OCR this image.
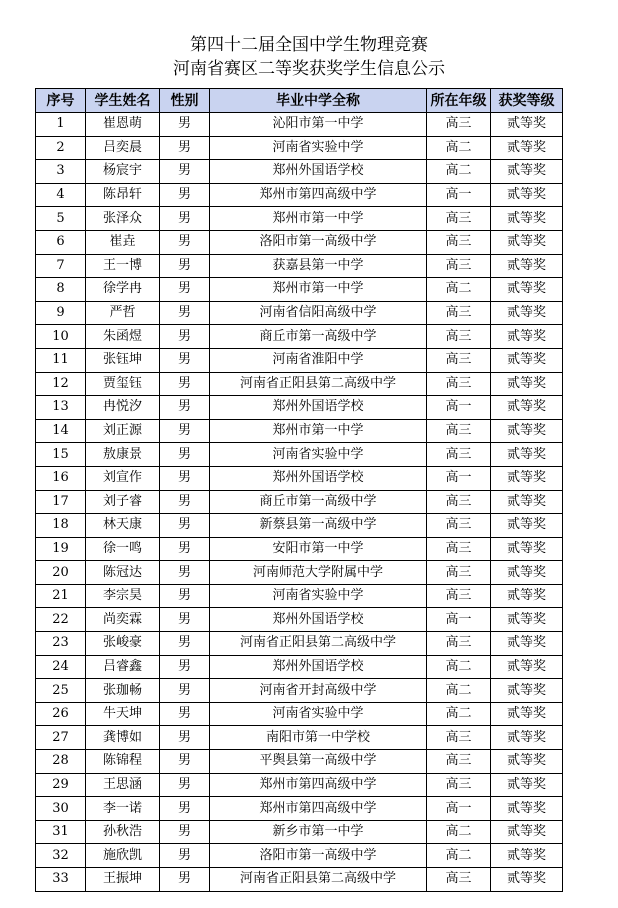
第四十二届全国中学生物理竞赛
河南省赛区二等奖获奖学生信息公示
序号	学生姓名	性别	毕业中学全称	所在年级	获奖等级
1	崔恩萌	男	沁阳市第一中学	高三	贰等奖
2	吕奕晨	男	河南省实验中学	高二	贰等奖
3	杨宸宇	男	郑州外国语学校	高二	贰等奖
4	陈昂轩	男	郑州市第四高级中学	高一	贰等奖
5	张泽众	男	郑州市第一中学	高三	贰等奖
6	崔垚	男	洛阳市第一高级中学	高三	贰等奖
7	王一博	男	获嘉县第一中学	高三	贰等奖
8	徐学冉	男	郑州市第一中学	高二	贰等奖
9	严哲	男	河南省信阳高级中学	高三	贰等奖
10	朱函煜	男	商丘市第一高级中学	高三	贰等奖
11	张钰坤	男	河南省淮阳中学	高三	贰等奖
12	贾玺钰	男	河南省正阳县第二高级中学	高三	贰等奖
13	冉悦汐	男	郑州外国语学校	高一	贰等奖
14	刘正源	男	郑州市第一中学	高三	贰等奖
15	敖康景	男	河南省实验中学	高三	贰等奖
16	刘宣作	男	郑州外国语学校	高一	贰等奖
17	刘子睿	男	商丘市第一高级中学	高三	贰等奖
18	林天康	男	新蔡县第一高级中学	高三	贰等奖
19	徐一鸣	男	安阳市第一中学	高三	贰等奖
20	陈冠达	男	河南师范大学附属中学	高三	贰等奖
21	李宗昊	男	河南省实验中学	高三	贰等奖
22	尚奕霖	男	郑州外国语学校	高一	贰等奖
23	张峻豪	男	河南省正阳县第二高级中学	高三	贰等奖
24	吕睿鑫	男	郑州外国语学校	高二	贰等奖
25	张珈畅	男	河南省开封高级中学	高二	贰等奖
26	牛天坤	男	河南省实验中学	高二	贰等奖
27	龚博如	男	南阳市第一中学校	高三	贰等奖
28	陈锦程	男	平舆县第一高级中学	高三	贰等奖
29	王思涵	男	郑州市第四高级中学	高三	贰等奖
30	李一诺	男	郑州市第四高级中学	高一	贰等奖
31	孙秋浩	男	新乡市第一中学	高二	贰等奖
32	施欣凯	男	洛阳市第一高级中学	高二	贰等奖
33	王振坤	男	河南省正阳县第二高级中学	高三	贰等奖
